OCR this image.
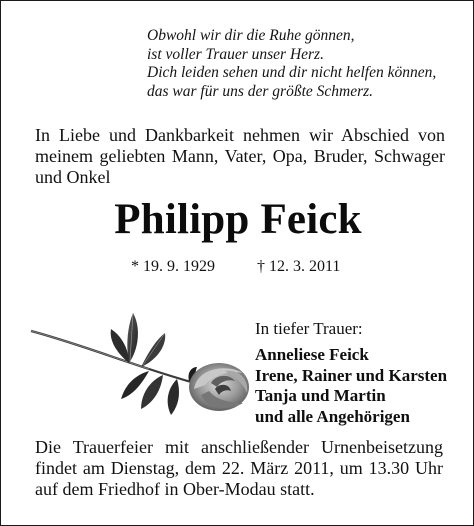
Obwohl wir dir die Ruhe gönnen,
ist voller Trauer unser Herz.
Dich leiden sehen und dir nicht helfen können,
das war für uns der größte Schmerz.
In Liebe und Dankbarkeit nehmen wir Abschied von
meinem geliebten Mann, Vater, Opa, Bruder, Schwager
und Onkel
Philipp Feick
* 19. 9. 1929	† 12. 3. 2011
In tiefer Trauer:
Anneliese Feick
Irene, Rainer und Karsten
Tanja und Martin
und alle Angehörigen
Die Trauerfeier mit anschließender Urnenbeisetzung
findet am Dienstag, dem 22. März 2011, um 13.30 Uhr
auf dem Friedhof in Ober-Modau statt.
